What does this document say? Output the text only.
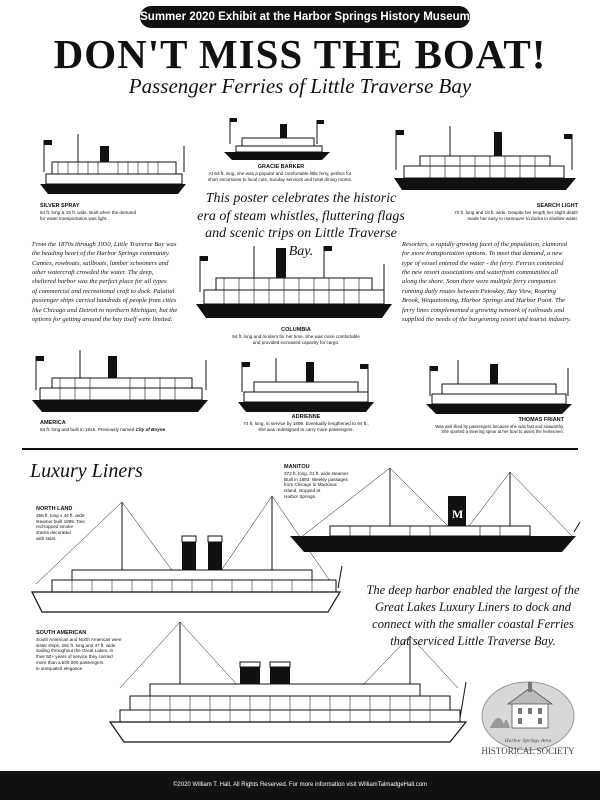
Summer 2020 Exhibit at the Harbor Springs History Museum
DON'T MISS THE BOAT!
Passenger Ferries of Little Traverse Bay
GRACIE BARKER
At 63 ft. long, she was a popular and comfortable little ferry, perfect for
short excursions to local cuts, Sunday services and hotel dining rooms.
SILVER SPRAY
54 ft. long & 15 ft. wide. Built when the demand
for water transportation was light.
SEARCH LIGHT
70 ft. long and 18 ft. wide. Despite her length,her slight depth
made her easy to maneuver to docks in shallow water.
This poster celebrates the historic
era of steam whistles, fluttering flags
and scenic trips on Little Traverse Bay.
From the 1870s through 1930, Little Traverse Bay was
the heading heart of the Harbor Springs community.
Canoes, rowboats, sailboats, lumber schooners and
other watercraft crowded the water. The deep,
sheltered harbor was the perfect place for all types
of commercial and recreational craft to dock. Palatial
passenger ships carried hundreds of people from cities
like Chicago and Detroit to northern Michigan, but the
options for getting around the bay itself were limited.
Resorters, a rapidly growing facet of the population, clamored
for more transportation options. To meet that demand, a new
type of vessel entered the water - the ferry. Ferries connected
the new resort associations and waterfront communities all
along the shore. Soon there were multiple ferry companies
running daily routes between Petoskey, Bay View, Roaring
Brook, Wequetonsing, Harbor Springs and Harbor Point. The
ferry lines complemented a growing network of railroads and
supplied the needs of the burgeoning resort and tourist industry.
COLUMBIA
94 ft. long and modern for her time. She was more comfortable
and provided increased capacity for cargo.
AMERICA
84 ft. long and built in 1915. Previously named City of Boyne
ADRIENNE
74 ft. long, in service by 1899. Eventually lengthened to 94 ft.,
she was redesigned to carry more passengers.
THOMAS FRIANT
Was well liked by passengers because she was fast and seaworthy.
She sported a steering spear at her bow to assist the helmsmen.
Luxury Liners	MANITOU
272 ft. long, 31 ft. wide steamer.
Built in 1893. Weekly passages
from Chicago to Mackinac
Island, stopped at
Harbor Springs.
M
NORTH LAND
358 ft. long x 44 ft. wide
steamer built 1895. Two
red-topped smoke
stacks decorated
with stars.
The deep harbor enabled the largest of the
Great Lakes Luxury Liners to dock and
connect with the smaller coastal Ferries
that serviced Little Traverse Bay.
SOUTH AMERICAN
South American and North American were
sister ships, 291 ft. long and 47 ft. wide.
Sailing throughout the Great Lakes, in
their 50+ years of service they carried
more than a 500,000 passengers
in unequaled elegance.
Harbor Springs Area
HISTORICAL SOCIETY
©2020 William T. Hall, All Rights Reserved. For more information visit WilliamTalmadgeHall.com
